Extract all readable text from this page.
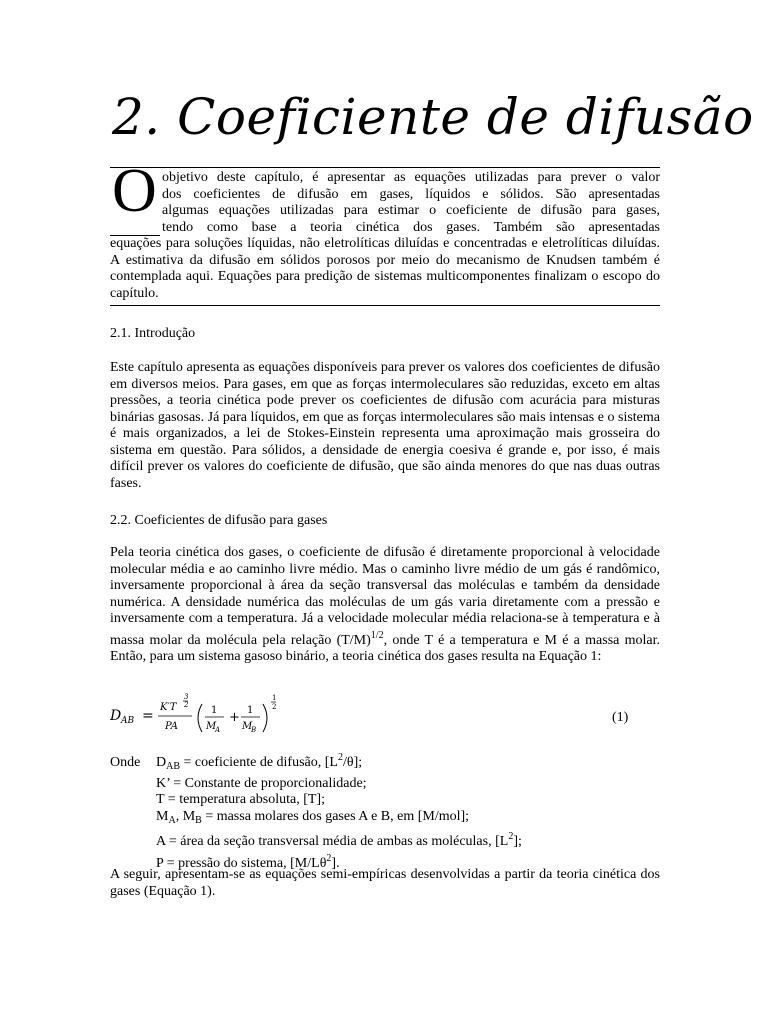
2. Coeficiente de difusão
O objetivo deste capítulo, é apresentar as equações utilizadas para prever o valor
dos coeficientes de difusão em gases, líquidos e sólidos. São apresentadas
algumas equações utilizadas para estimar o coeficiente de difusão para gases,
tendo como base a teoria cinética dos gases. Também são apresentadas

equações para soluções líquidas, não eletrolíticas diluídas e concentradas e eletrolíticas diluídas. A estimativa da difusão em sólidos porosos por meio do mecanismo de Knudsen também é contemplada aqui. Equações para predição de sistemas multicomponentes finalizam o escopo do capítulo.

2.1. Introdução

Este capítulo apresenta as equações disponíveis para prever os valores dos coeficientes de difusão em diversos meios. Para gases, em que as forças intermoleculares são reduzidas, exceto em altas pressões, a teoria cinética pode prever os coeficientes de difusão com acurácia para misturas binárias gasosas. Já para líquidos, em que as forças intermoleculares são mais intensas e o sistema é mais organizados, a lei de Stokes-Einstein representa uma aproximação mais grosseira do sistema em questão. Para sólidos, a densidade de energia coesiva é grande e, por isso, é mais difícil prever os valores do coeficiente de difusão, que são ainda menores do que nas duas outras fases.

2.2. Coeficientes de difusão para gases

Pela teoria cinética dos gases, o coeficiente de difusão é diretamente proporcional à velocidade molecular média e ao caminho livre médio. Mas o caminho livre médio de um gás é randômico, inversamente proporcional à área da seção transversal das moléculas e também da densidade numérica. A densidade numérica das moléculas de um gás varia diretamente com a pressão e inversamente com a temperatura. Já a velocidade molecular média relaciona-se à temperatura e à massa molar da molécula pela relação $(T/M)^{1/2}$, onde T é a temperatura e M é a massa molar. Então, para um sistema gasoso binário, a teoria cinética dos gases resulta na Equação 1:

D AB =
K′T
3
2
PA
1
M
A
+ 1
M
B
1
2
(1)
Onde $D_{AB}$ = coeficiente de difusão, $[L^2/\theta]$;
K’ = Constante de proporcionalidade;
T = temperatura absoluta, [T];
$M_A$, $M_B$ = massa molares dos gases A e B, em [M/mol];
A = área da seção transversal média de ambas as moléculas, $[L^2]$;
P = pressão do sistema, $[M/L\theta^2]$.

A seguir, apresentam-se as equações semi-empíricas desenvolvidas a partir da teoria cinética dos gases (Equação 1).
